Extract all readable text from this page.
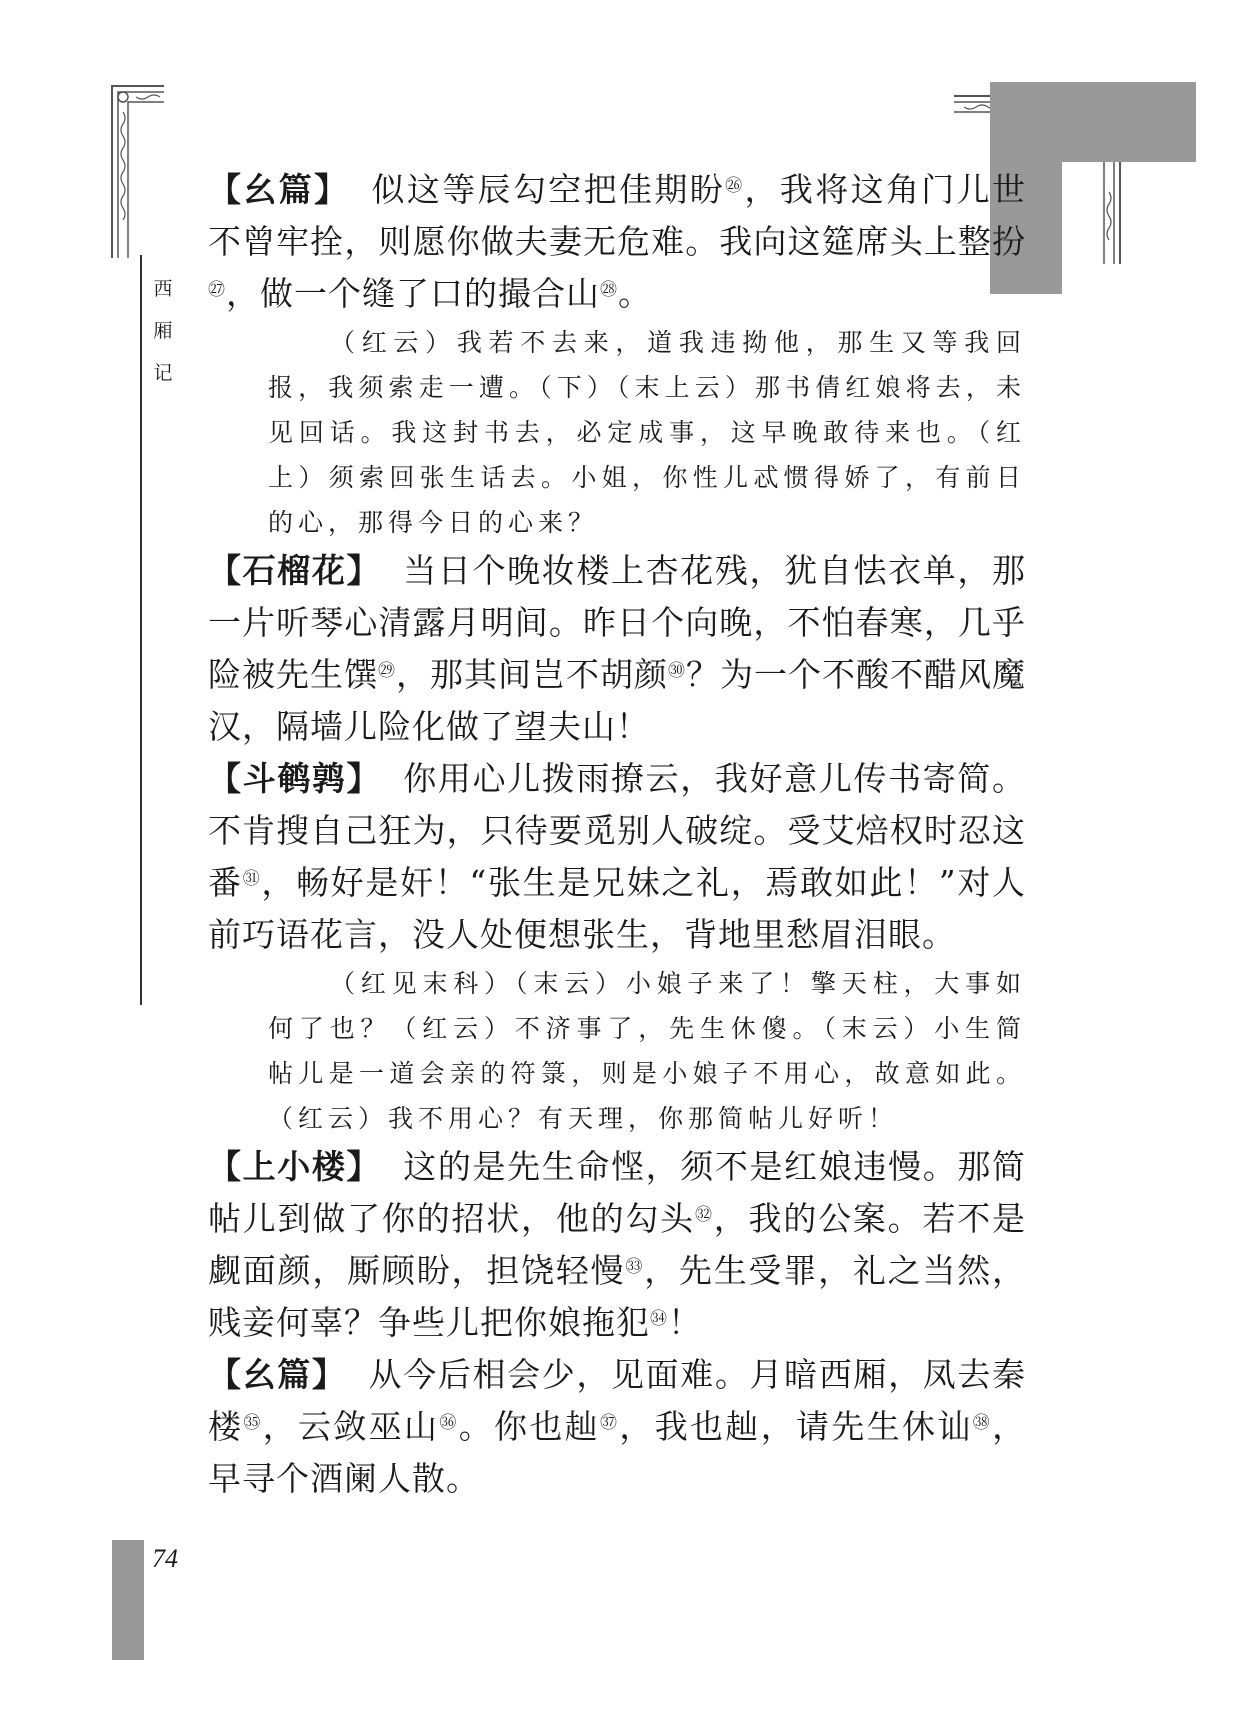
西
厢
记

【幺篇】 似这等辰勾空把佳期盼$^㉖$，我将这角门儿世不曾牢拴，则愿你做夫妻无危难。我向这筵席头上整扮$^㉗$，做一个缝了口的撮合山$^㉘$。

（红云）我若不去来，道我违拗他，那生又等我回报，我须索走一遭。（下）（末上云）那书倩红娘将去，未见回话。我这封书去，必定成事，这早晚敢待来也。（红上）须索回张生话去。小姐，你性儿忒惯得娇了，有前日的心，那得今日的心来？

【石榴花】 当日个晚妆楼上杏花残，犹自怯衣单，那一片听琴心清露月明间。昨日个向晚，不怕春寒，几乎险被先生馔$^㉙$，那其间岂不胡颜$^㉚$？为一个不酸不醋风魔汉，隔墙儿险化做了望夫山！

【斗鹌鹑】 你用心儿拨雨撩云，我好意儿传书寄简。不肯搜自己狂为，只待要觅别人破绽。受艾焙权时忍这番$^㉛$，畅好是奸！“张生是兄妹之礼，焉敢如此！”对人前巧语花言，没人处便想张生，背地里愁眉泪眼。

（红见末科）（末云）小娘子来了！擎天柱，大事如何了也？（红云）不济事了，先生休傻。（末云）小生简帖儿是一道会亲的符箓，则是小娘子不用心，故意如此。（红云）我不用心？有天理，你那简帖儿好听！

【上小楼】 这的是先生命悭，须不是红娘违慢。那简帖儿到做了你的招状，他的勾头$^㉜$，我的公案。若不是觑面颜，厮顾盼，担饶轻慢$^㉝$，先生受罪，礼之当然，贱妾何辜？争些儿把你娘拖犯$^㉞$！

【幺篇】 从今后相会少，见面难。月暗西厢，凤去秦楼$^㉟$，云敛巫山$^㊱$。你也赸$^㊲$，我也赸，请先生休讪$^㊳$，早寻个酒阑人散。

74
